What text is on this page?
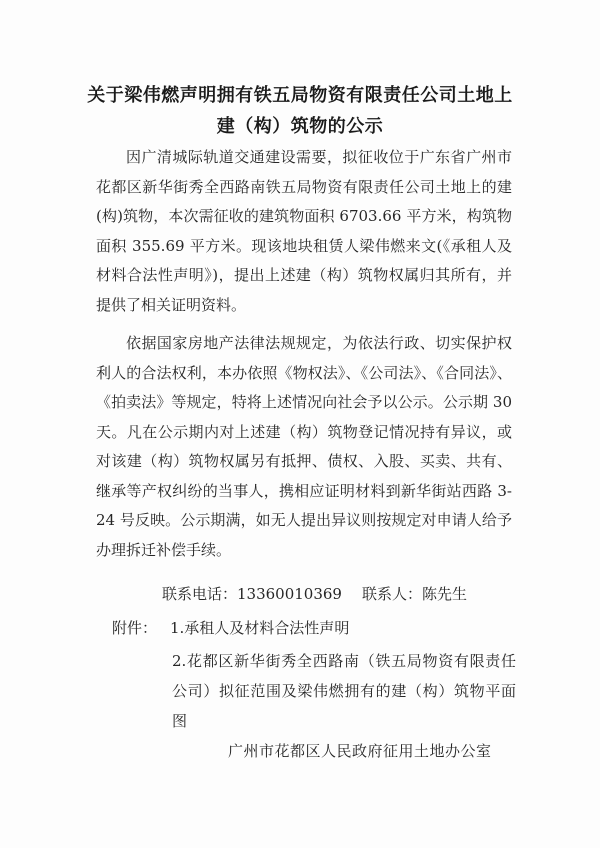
关于梁伟燃声明拥有铁五局物资有限责任公司土地上
建（构）筑物的公示
因广清城际轨道交通建设需要，拟征收位于广东省广州市花都区新华街秀全西路南铁五局物资有限责任公司土地上的建(构)筑物，本次需征收的建筑物面积 6703.66 平方米，构筑物面积 355.69 平方米。现该地块租赁人梁伟燃来文(《承租人及材料合法性声明》)，提出上述建（构）筑物权属归其所有，并提供了相关证明资料。
依据国家房地产法律法规规定，为依法行政、切实保护权利人的合法权利，本办依照《物权法》、《公司法》、《合同法》、《拍卖法》等规定，特将上述情况向社会予以公示。公示期 30 天。凡在公示期内对上述建（构）筑物登记情况持有异议，或对该建（构）筑物权属另有抵押、债权、入股、买卖、共有、继承等产权纠纷的当事人，携相应证明材料到新华街站西路 3-24 号反映。公示期满，如无人提出异议则按规定对申请人给予办理拆迁补偿手续。
联系电话：13360010369 联系人：陈先生
附件： 1.承租人及材料合法性声明
2.花都区新华街秀全西路南（铁五局物资有限责任公司）拟征范围及梁伟燃拥有的建（构）筑物平面图
广州市花都区人民政府征用土地办公室
